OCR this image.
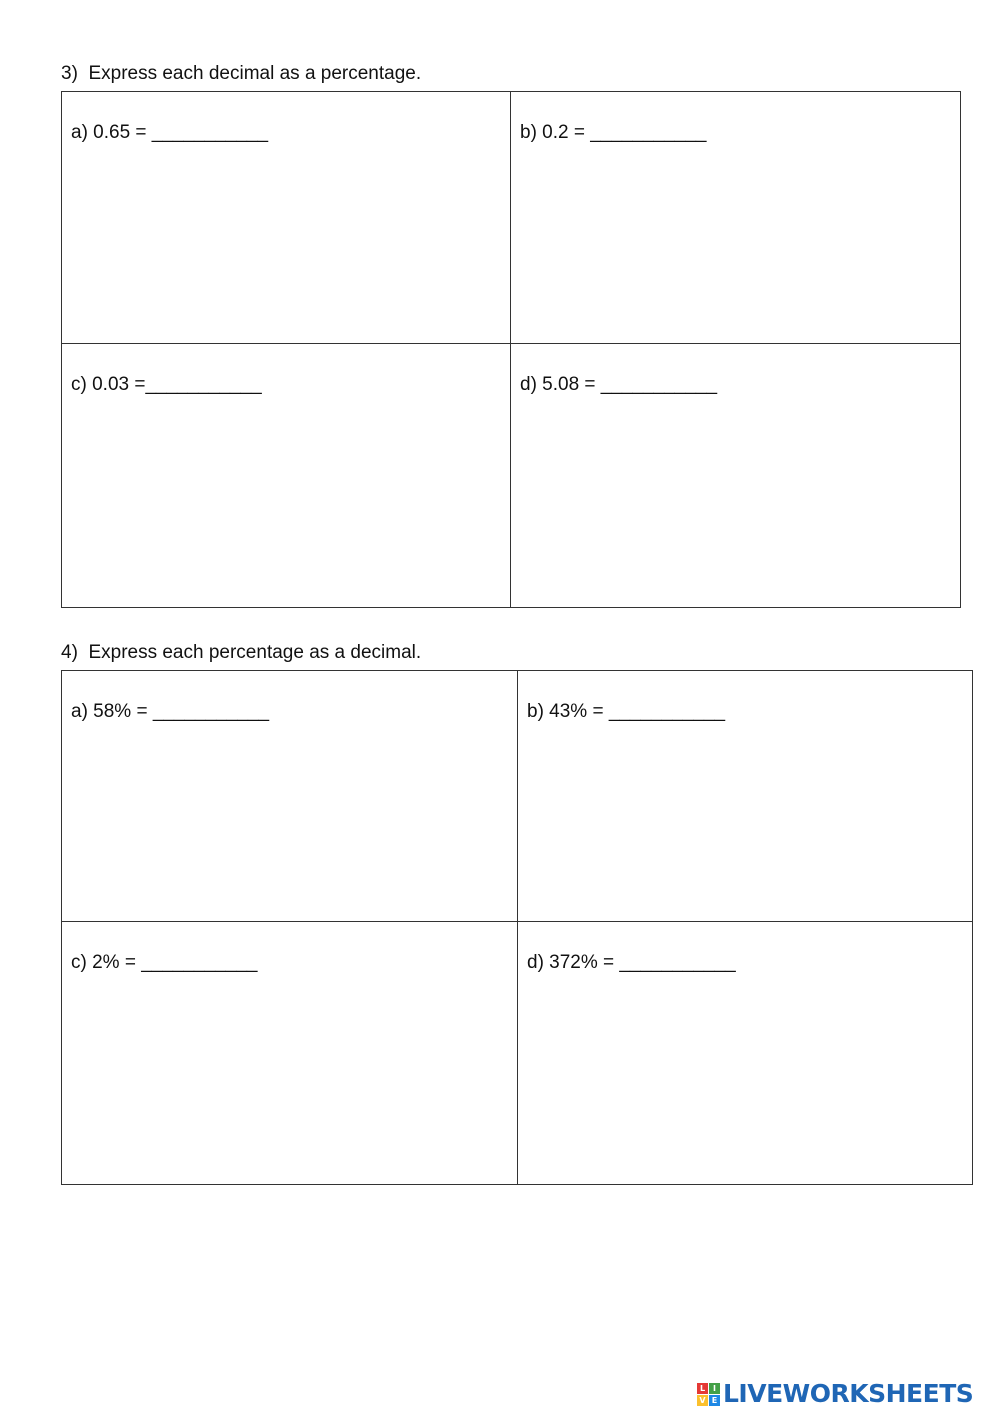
3)  Express each decimal as a percentage.
a) 0.65 = ___________	b) 0.2 = ___________
c) 0.03 =___________	d) 5.08 = ___________
4)  Express each percentage as a decimal.
a) 58% = ___________	b) 43% = ___________
c) 2% = ___________	d) 372% = ___________
L I
V E LIVEWORKSHEETS
